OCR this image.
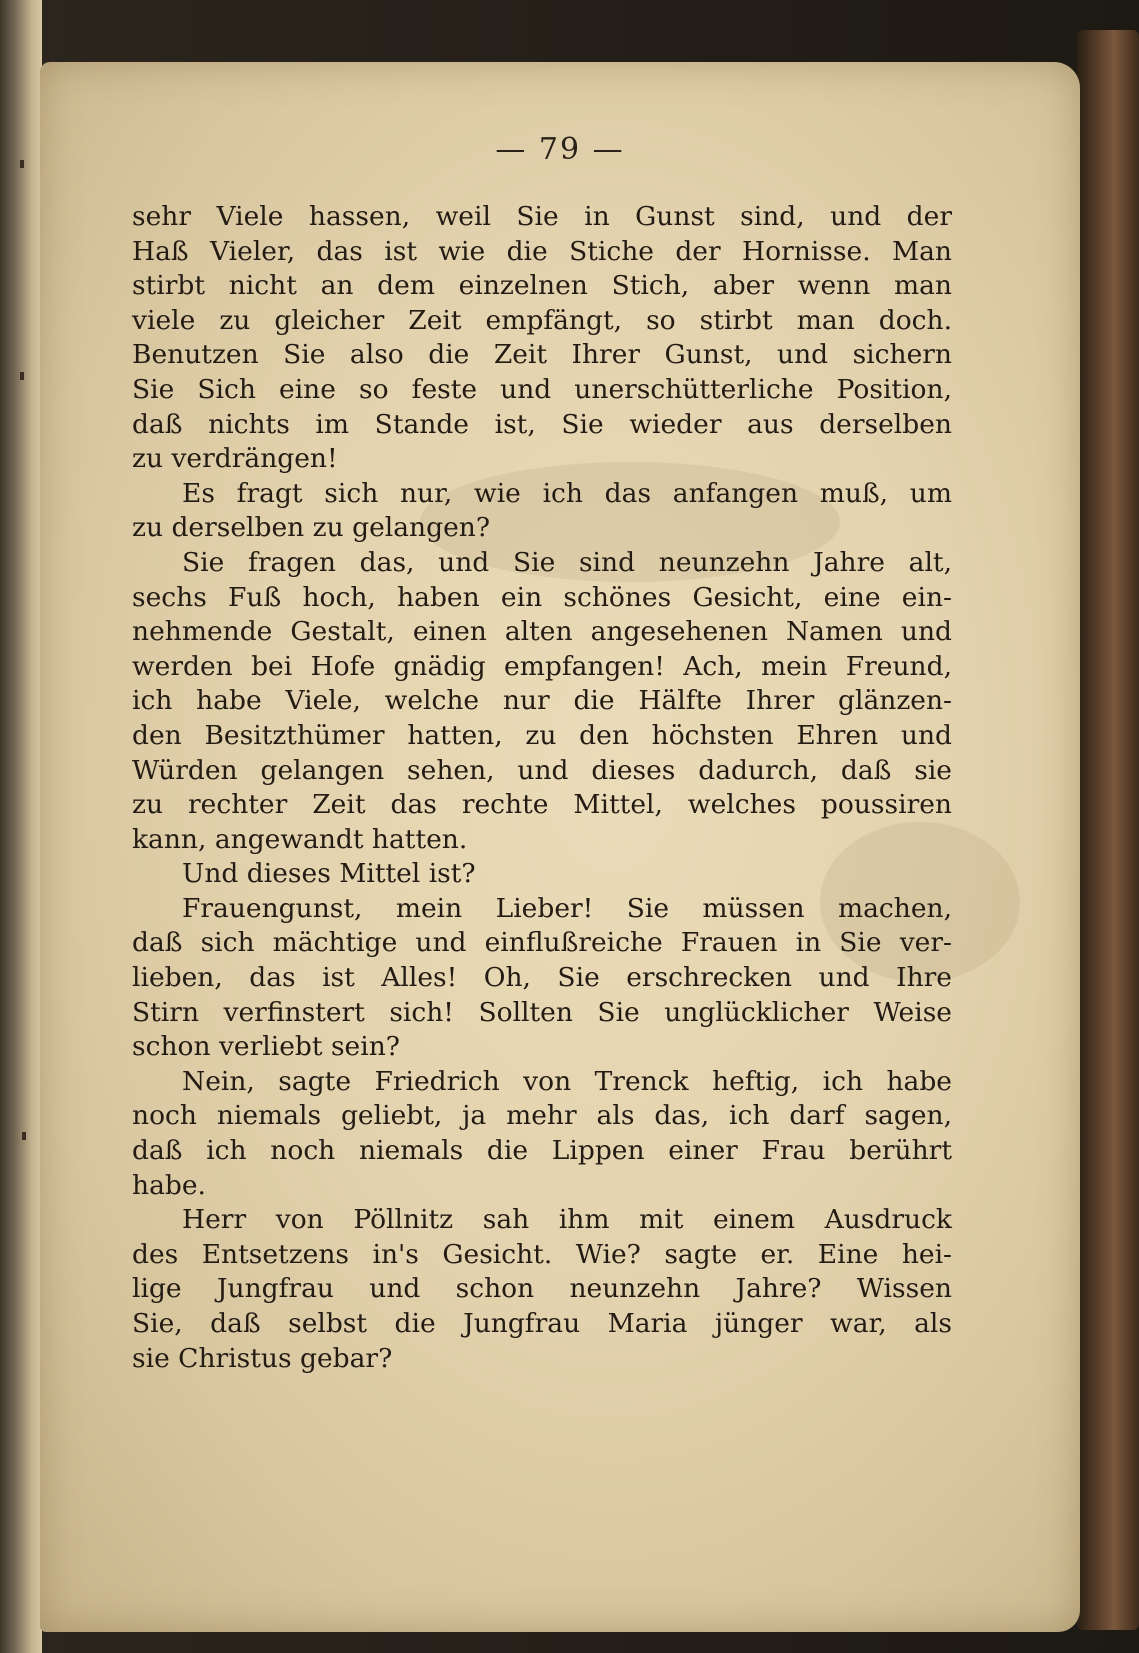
— 79 —
sehr Viele hassen, weil Sie in Gunst sind, und der
Haß Vieler, das ist wie die Stiche der Hornisse. Man
stirbt nicht an dem einzelnen Stich, aber wenn man
viele zu gleicher Zeit empfängt, so stirbt man doch.
Benutzen Sie also die Zeit Ihrer Gunst, und sichern
Sie Sich eine so feste und unerschütterliche Position,
daß nichts im Stande ist, Sie wieder aus derselben
zu verdrängen!
Es fragt sich nur, wie ich das anfangen muß, um
zu derselben zu gelangen?
Sie fragen das, und Sie sind neunzehn Jahre alt,
sechs Fuß hoch, haben ein schönes Gesicht, eine ein-
nehmende Gestalt, einen alten angesehenen Namen und
werden bei Hofe gnädig empfangen! Ach, mein Freund,
ich habe Viele, welche nur die Hälfte Ihrer glänzen-
den Besitzthümer hatten, zu den höchsten Ehren und
Würden gelangen sehen, und dieses dadurch, daß sie
zu rechter Zeit das rechte Mittel, welches poussiren
kann, angewandt hatten.
Und dieses Mittel ist?
Frauengunst, mein Lieber! Sie müssen machen,
daß sich mächtige und einflußreiche Frauen in Sie ver-
lieben, das ist Alles! Oh, Sie erschrecken und Ihre
Stirn verfinstert sich! Sollten Sie unglücklicher Weise
schon verliebt sein?
Nein, sagte Friedrich von Trenck heftig, ich habe
noch niemals geliebt, ja mehr als das, ich darf sagen,
daß ich noch niemals die Lippen einer Frau berührt
habe.
Herr von Pöllnitz sah ihm mit einem Ausdruck
des Entsetzens in's Gesicht. Wie? sagte er. Eine hei-
lige Jungfrau und schon neunzehn Jahre? Wissen
Sie, daß selbst die Jungfrau Maria jünger war, als
sie Christus gebar?
